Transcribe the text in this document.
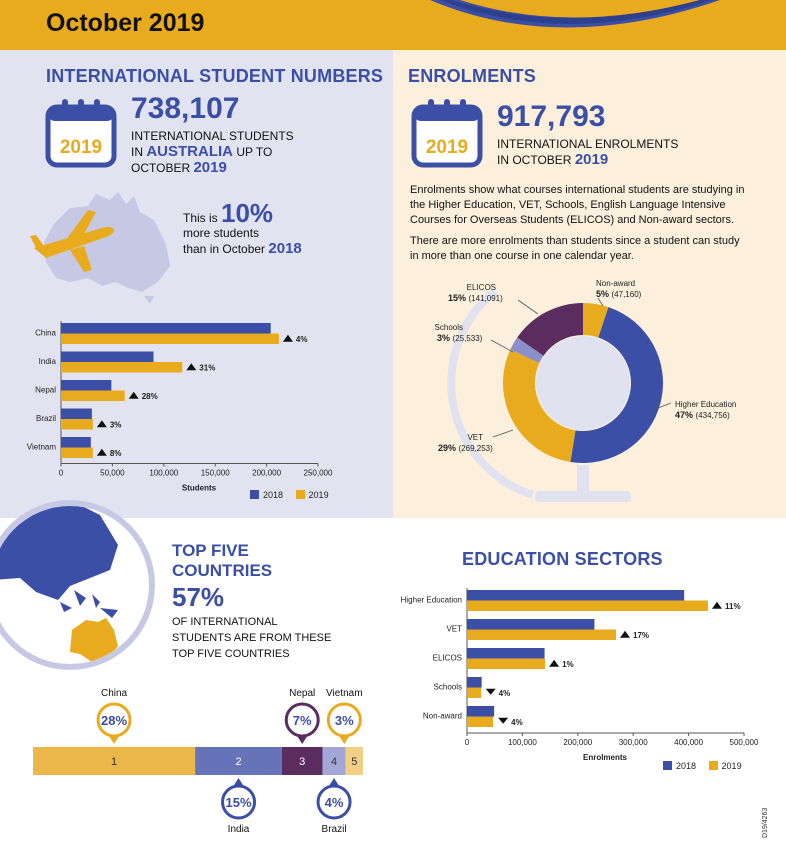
October 2019
INTERNATIONAL STUDENT NUMBERS
2019
738,107
INTERNATIONAL STUDENTS
IN AUSTRALIA UP TO
OCTOBER 2019
This is 10%
more students
than in October 2018
China
4%
India
31%
Nepal
28%
Brazil
3%
Vietnam
8%
0	50,000	100,000	150,000	200,000	250,000
Students
2018	2019
ENROLMENTS
2019
917,793
INTERNATIONAL ENROLMENTS
IN OCTOBER 2019
Enrolments show what courses international students are studying in the Higher Education, VET, Schools, English Language Intensive Courses for Overseas Students (ELICOS) and Non-award sectors.
There are more enrolments than students since a student can study in more than one course in one calendar year.
Higher Education
47% (434,756)
VET
29% (269,253)
Schools
3% (25,533)
ELICOS
15% (141,091)
Non-award
5% (47,160)
TOP FIVE
COUNTRIES
57%
OF INTERNATIONAL
STUDENTS ARE FROM THESE
TOP FIVE COUNTRIES
1	2	3 4 5
28%
China
15%
India
7%
Nepal
4%
Brazil
3%
Vietnam
EDUCATION SECTORS
Higher Education
11%
VET
17%
ELICOS
1%
Schools
4%
Non-award
4%
0	100,000	200,000	300,000	400,000	500,000
Enrolments
2018	2019
D19/4263
